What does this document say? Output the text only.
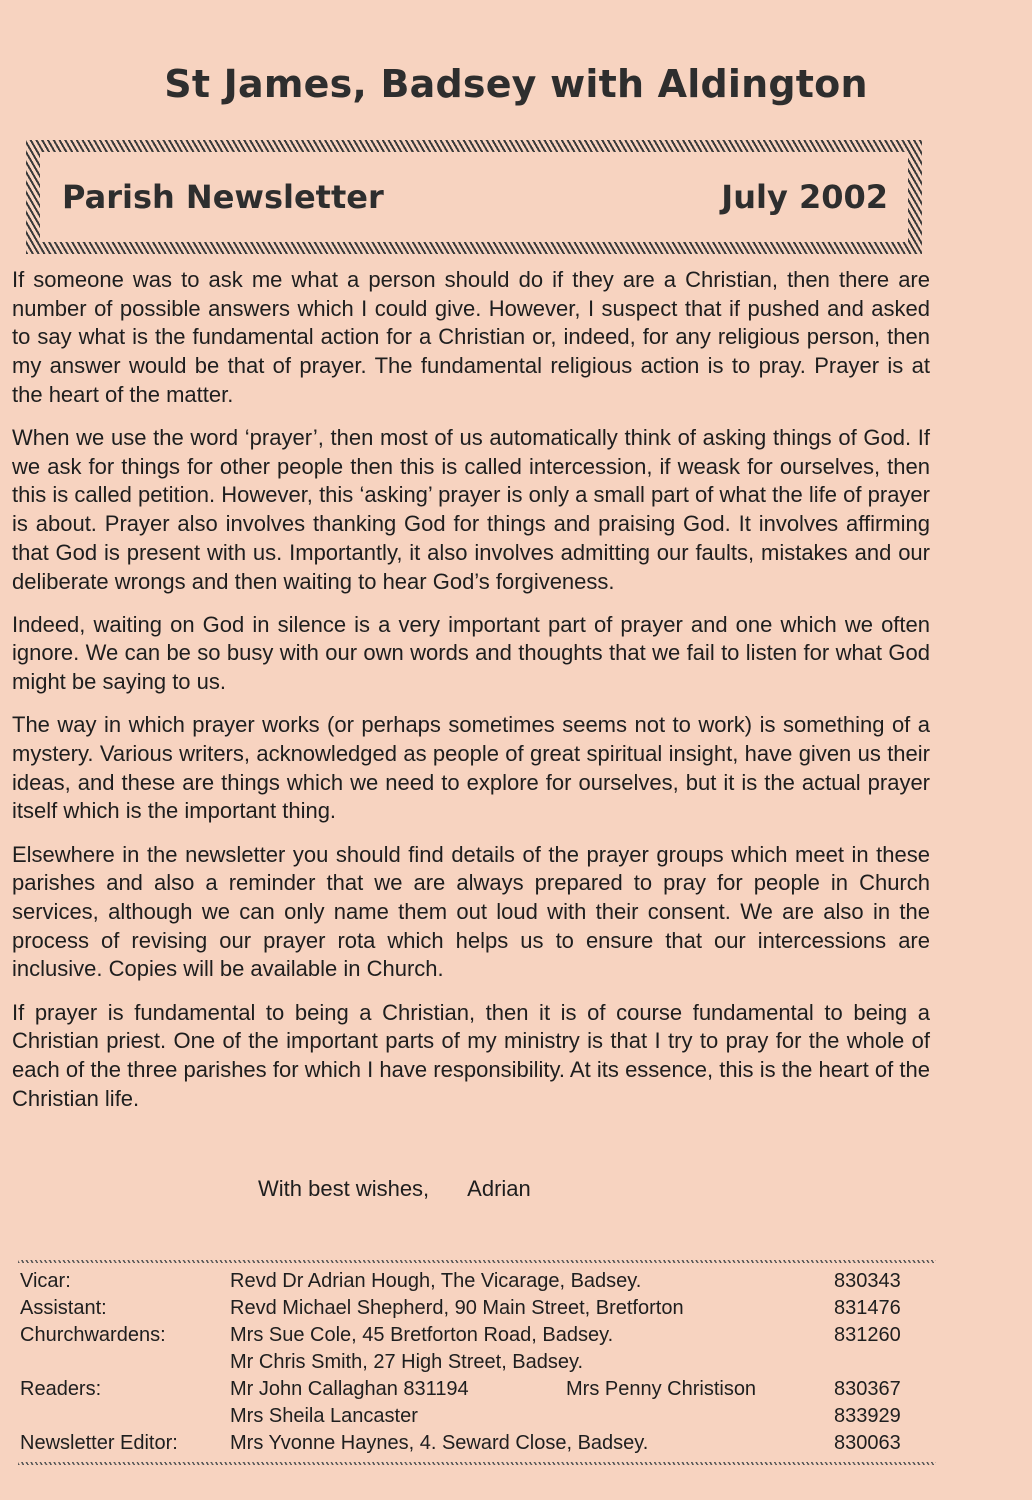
St James, Badsey with Aldington
Parish Newsletter	July 2002

If someone was to ask me what a person should do if they are a Christian, then there are number of possible answers which I could give. However, I suspect that if pushed and asked to say what is the fundamental action for a Christian or, indeed, for any religious person, then my answer would be that of prayer. The fundamental religious action is to pray. Prayer is at the heart of the matter.

When we use the word ‘prayer’, then most of us automatically think of asking things of God. If we ask for things for other people then this is called intercession, if weask for ourselves, then this is called petition. However, this ‘asking’ prayer is only a small part of what the life of prayer is about. Prayer also involves thanking God for things and praising God. It involves affirming that God is present with us. Importantly, it also involves admitting our faults, mistakes and our deliberate wrongs and then waiting to hear God’s forgiveness.

Indeed, waiting on God in silence is a very important part of prayer and one which we often ignore. We can be so busy with our own words and thoughts that we fail to listen for what God might be saying to us.

The way in which prayer works (or perhaps sometimes seems not to work) is something of a mystery. Various writers, acknowledged as people of great spiritual insight, have given us their ideas, and these are things which we need to explore for ourselves, but it is the actual prayer itself which is the important thing.

Elsewhere in the newsletter you should find details of the prayer groups which meet in these parishes and also a reminder that we are always prepared to pray for people in Church services, although we can only name them out loud with their consent. We are also in the process of revising our prayer rota which helps us to ensure that our intercessions are inclusive. Copies will be available in Church.

If prayer is fundamental to being a Christian, then it is of course fundamental to being a Christian priest. One of the important parts of my ministry is that I try to pray for the whole of each of the three parishes for which I have responsibility. At its essence, this is the heart of the Christian life.

With best wishes, Adrian
Vicar:	Revd Dr Adrian Hough, The Vicarage, Badsey.	830343
Assistant:	Revd Michael Shepherd, 90 Main Street, Bretforton	831476
Churchwardens:	Mrs Sue Cole, 45 Bretforton Road, Badsey.	831260
Mr Chris Smith, 27 High Street, Badsey.
Readers:	Mr John Callaghan 831194	Mrs Penny Christison	830367
Mrs Sheila Lancaster	833929
Newsletter Editor:	Mrs Yvonne Haynes, 4. Seward Close, Badsey.	830063
